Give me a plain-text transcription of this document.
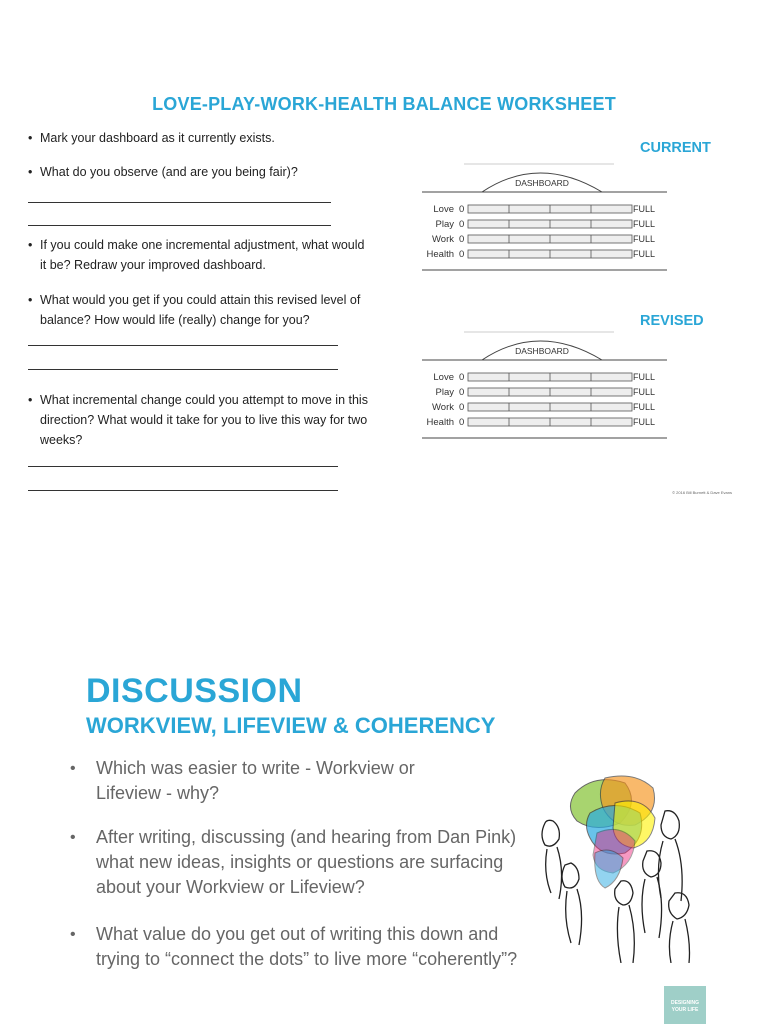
LOVE-PLAY-WORK-HEALTH BALANCE WORKSHEET
• Mark your dashboard as it currently exists.
• What do you observe (and are you being fair)?
• If you could make one incremental adjustment, what would it be? Redraw your improved dashboard.
• What would you get if you could attain this revised level of balance? How would life (really) change for you?
• What incremental change could you attempt to move in this direction? What would it take for you to live this way for two weeks?
CURRENT
REVISED
DASHBOARD
Love
Play
Work
Health
0
0
0
0
FULL
FULL
FULL
FULL
DASHBOARD
Love
Play
Work
Health
0
0
0
0
FULL
FULL
FULL
FULL
© 2016 Bill Burnett & Dave Evans
DISCUSSION
WORKVIEW, LIFEVIEW & COHERENCY
•	Which was easier to write - Workview or Lifeview - why?
•	After writing, discussing (and hearing from Dan Pink) what new ideas, insights or questions are surfacing about your Workview or Lifeview?
•	What value do you get out of writing this down and trying to “connect the dots” to live more “coherently”?
DESIGNING
YOUR LIFE
